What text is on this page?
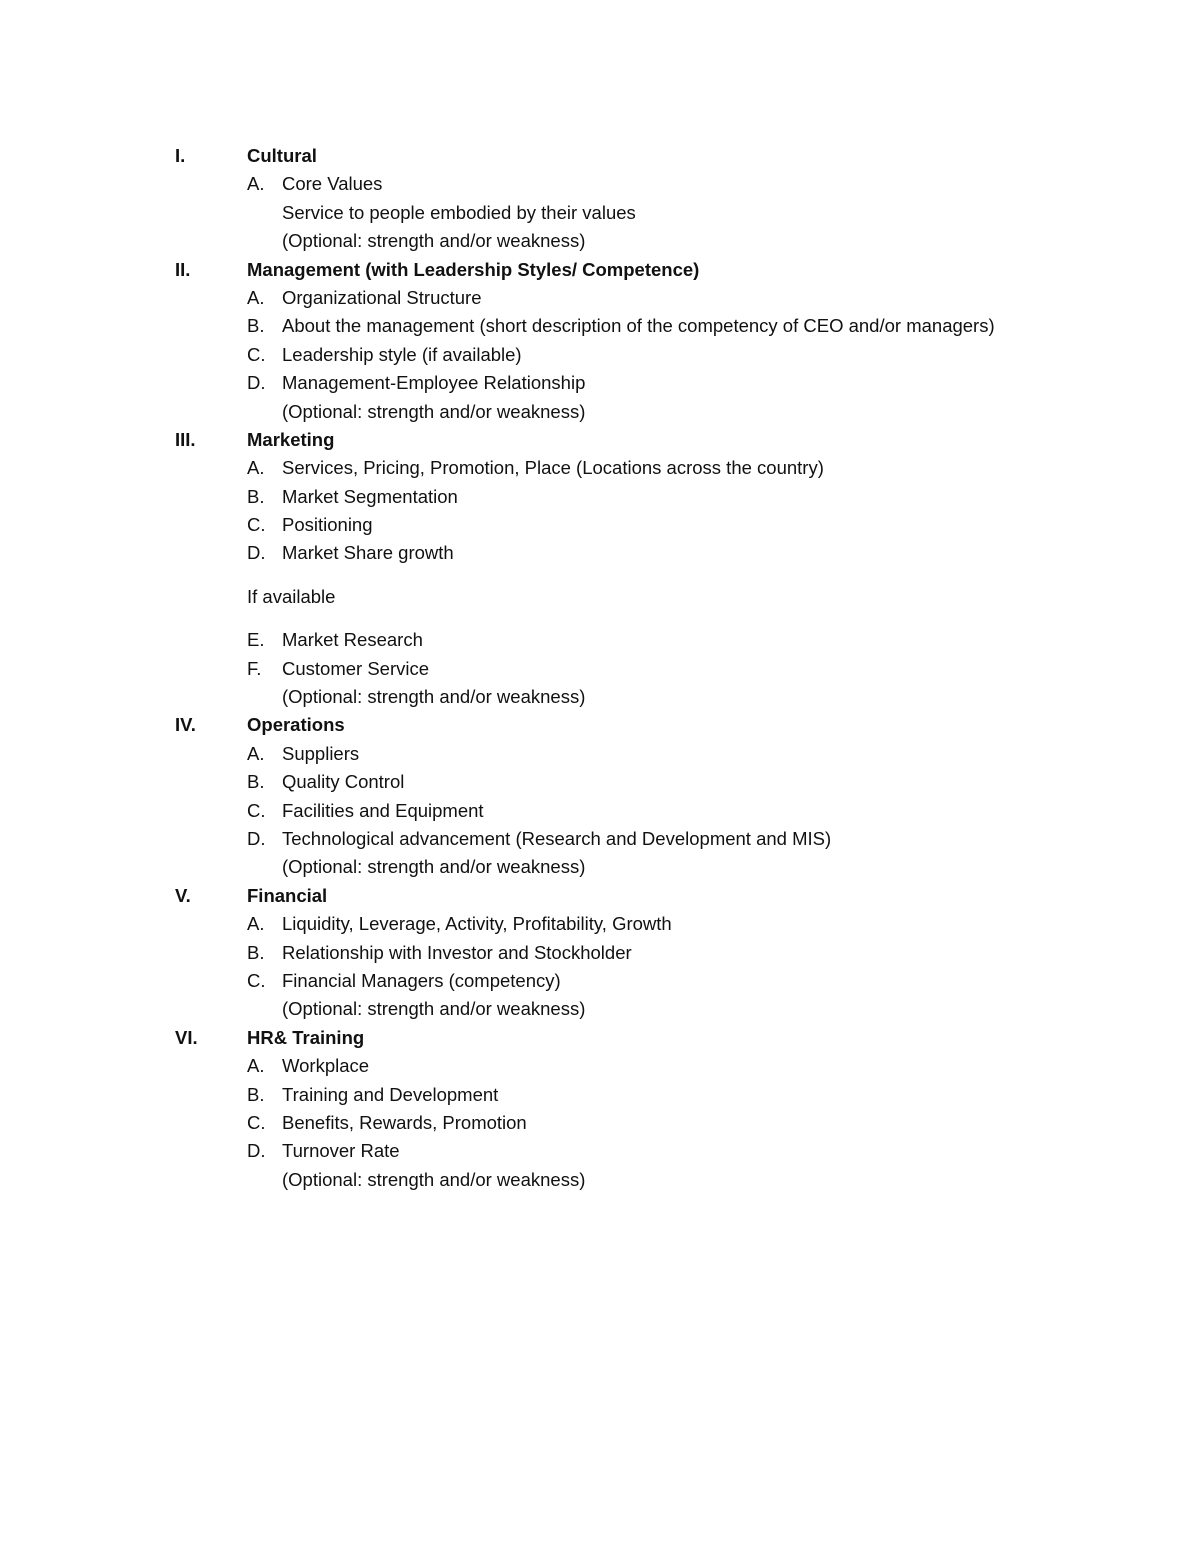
I.	Cultural
A. Core Values
Service to people embodied by their values
(Optional: strength and/or weakness)
II.	Management (with Leadership Styles/ Competence)
A. Organizational Structure
B. About the management (short description of the competency of CEO and/or managers)
C. Leadership style (if available)
D. Management-Employee Relationship
(Optional: strength and/or weakness)
III.	Marketing
A. Services, Pricing, Promotion, Place (Locations across the country)
B. Market Segmentation
C. Positioning
D. Market Share growth
If available
E. Market Research
F. Customer Service
(Optional: strength and/or weakness)
IV.	Operations
A. Suppliers
B. Quality Control
C. Facilities and Equipment
D. Technological advancement (Research and Development and MIS)
(Optional: strength and/or weakness)
V.	Financial
A. Liquidity, Leverage, Activity, Profitability, Growth
B. Relationship with Investor and Stockholder
C. Financial Managers (competency)
(Optional: strength and/or weakness)
VI.	HR& Training
A. Workplace
B. Training and Development
C. Benefits, Rewards, Promotion
D. Turnover Rate
(Optional: strength and/or weakness)
